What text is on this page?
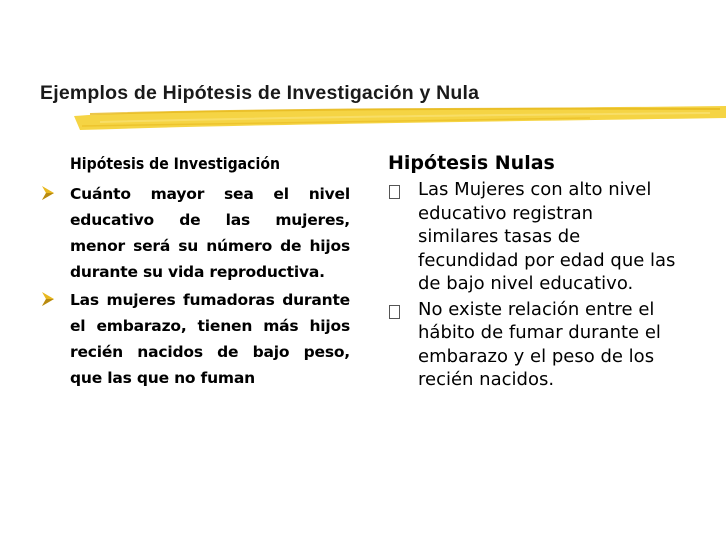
Ejemplos de Hipótesis de Investigación y Nula
Hipótesis de Investigación
Cuánto mayor sea el nivel educativo de las mujeres, menor será su número de hijos durante su vida reproductiva.
Las mujeres fumadoras durante el embarazo, tienen más hijos recién nacidos de bajo peso, que las que no fuman
Hipótesis Nulas
Las Mujeres con alto nivel educativo registran similares tasas de fecundidad por edad que las de bajo nivel educativo.
No existe relación entre el hábito de fumar durante el embarazo y el peso de los recién nacidos.
